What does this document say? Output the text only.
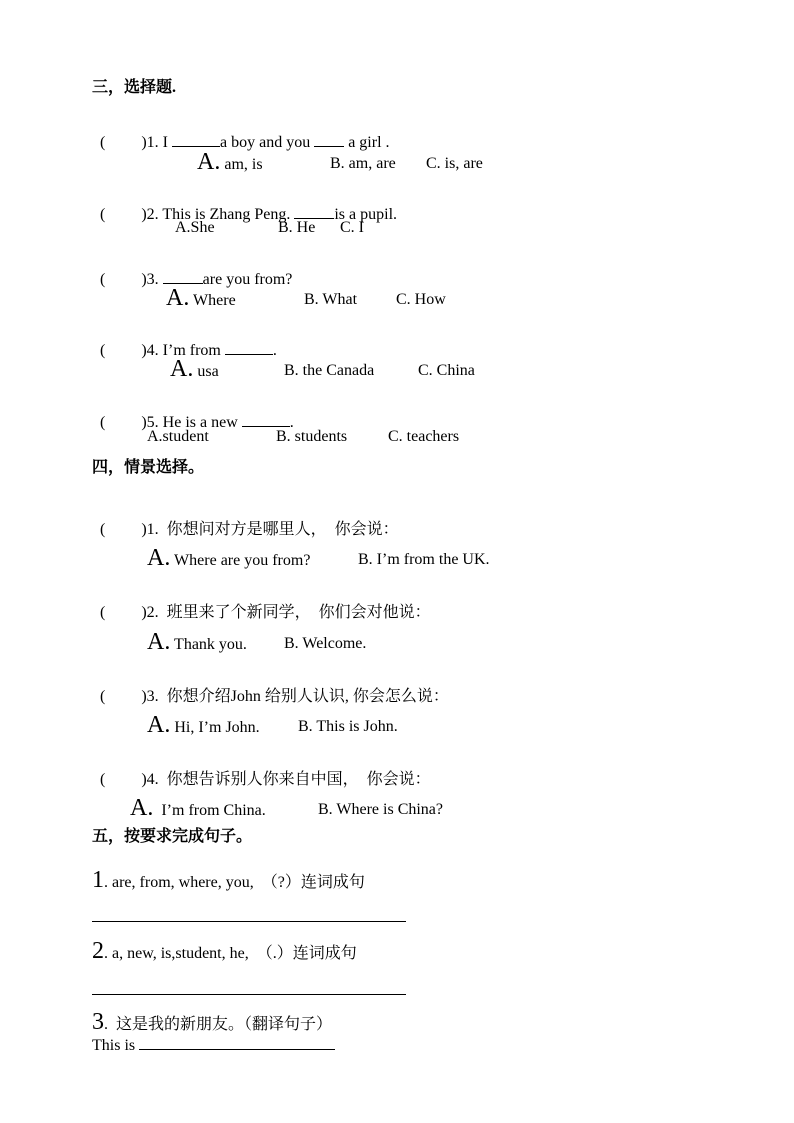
三，选择题.

(         )1. I	a boy and you  a girl .

A. am, is	B. am, are C. is, are

(         )2. This is Zhang Peng.	is a pupil.

A.She	B. He C. I

(         )3.	are you from?

A. Where	B. What C. How

(         )4. I’m from	.

A. usa	B. the Canada	C. China

(         )5. He is a new	.

A.student	B. students	C. teachers
四，情景选择。

(         )1.  你想问对方是哪里人，  你会说：

A. Where are you from?	B. I’m from the UK.

(         )2.  班里来了个新同学，  你们会对他说：

A. Thank you. B. Welcome.

(         )3.  你想介绍John 给别人认识, 你会怎么说：

A. Hi, I’m John. B. This is John.

(         )4.  你想告诉别人你来自中国，  你会说：

A.  I’m from China.	B. Where is China?
五，按要求完成句子。
1. are, from, where, you,  （?）连词成句
2. a, new, is,student, he,  （.）连词成句
3.  这是我的新朋友。（翻译句子）
This is
